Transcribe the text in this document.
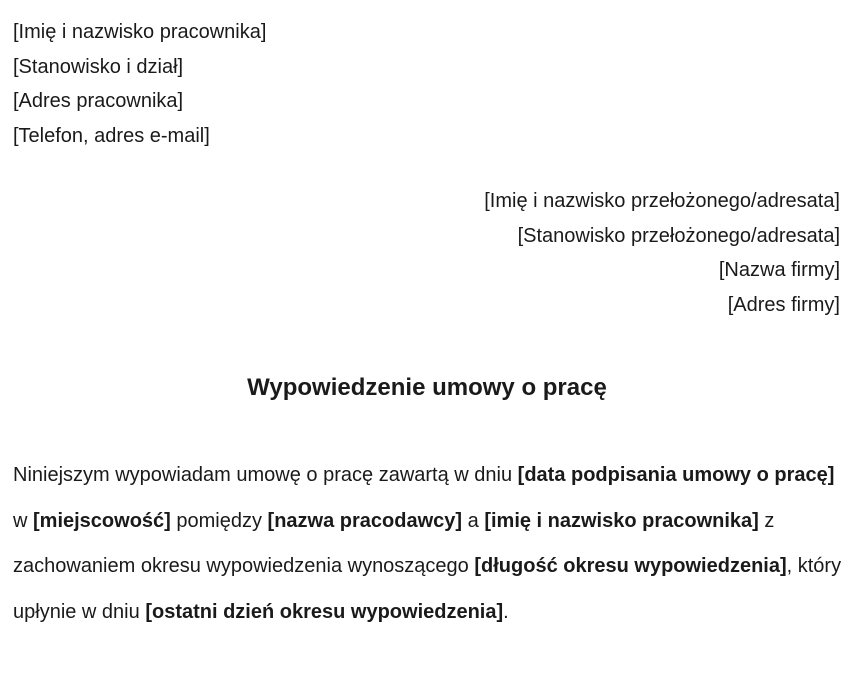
[Imię i nazwisko pracownika]
[Stanowisko i dział]
[Adres pracownika]
[Telefon, adres e-mail]
[Imię i nazwisko przełożonego/adresata]
[Stanowisko przełożonego/adresata]
[Nazwa firmy]
[Adres firmy]
Wypowiedzenie umowy o pracę
Niniejszym wypowiadam umowę o pracę zawartą w dniu [data podpisania umowy o pracę] w [miejscowość] pomiędzy [nazwa pracodawcy] a [imię i nazwisko pracownika] z zachowaniem okresu wypowiedzenia wynoszącego [długość okresu wypowiedzenia], który upłynie w dniu [ostatni dzień okresu wypowiedzenia].
